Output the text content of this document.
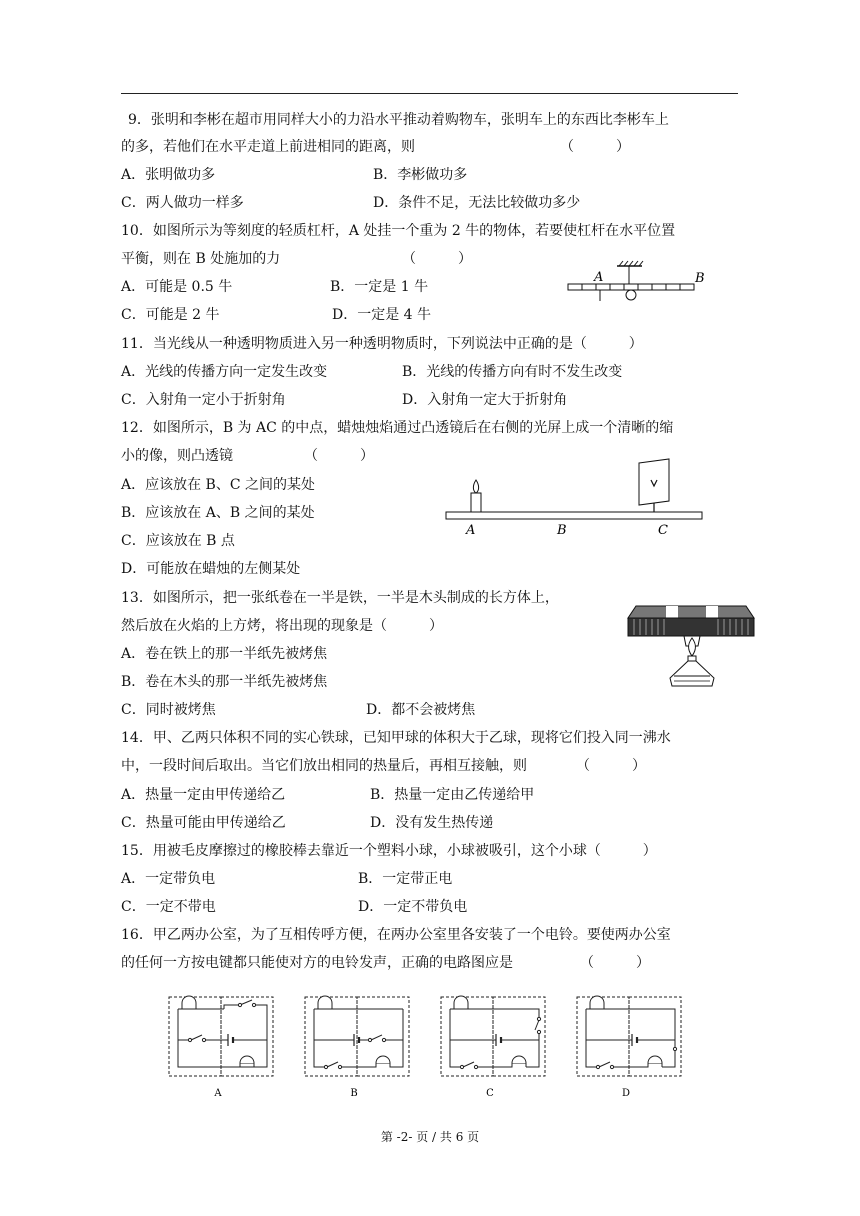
9．张明和李彬在超市用同样大小的力沿水平推动着购物车，张明车上的东西比李彬车上
的多，若他们在水平走道上前进相同的距离，则	（　　　）
A．张明做功多	B．李彬做功多
C．两人做功一样多	D．条件不足，无法比较做功多少
10．如图所示为等刻度的轻质杠杆，A 处挂一个重为 2 牛的物体，若要使杠杆在水平位置
平衡，则在 B 处施加的力	（　　　）
A．可能是 0.5 牛	B．一定是 1 牛
C．可能是 2 牛	D．一定是 4 牛
A	B
11．当光线从一种透明物质进入另一种透明物质时，下列说法中正确的是（　　　）
A．光线的传播方向一定发生改变	B．光线的传播方向有时不发生改变
C．入射角一定小于折射角	D．入射角一定大于折射角
12．如图所示，B 为 AC 的中点，蜡烛烛焰通过凸透镜后在右侧的光屏上成一个清晰的缩
小的像，则凸透镜	（　　　）
A．应该放在 B、C 之间的某处
B．应该放在 A、B 之间的某处
C．应该放在 B 点
D．可能放在蜡烛的左侧某处
A	B	C
13．如图所示，把一张纸卷在一半是铁，一半是木头制成的长方体上，
然后放在火焰的上方烤，将出现的现象是（　　　）
A．卷在铁上的那一半纸先被烤焦
B．卷在木头的那一半纸先被烤焦
C．同时被烤焦	D．都不会被烤焦
14．甲、乙两只体积不同的实心铁球，已知甲球的体积大于乙球，现将它们投入同一沸水
中，一段时间后取出。当它们放出相同的热量后，再相互接触，则	（　　　）
A．热量一定由甲传递给乙	B．热量一定由乙传递给甲
C．热量可能由甲传递给乙	D．没有发生热传递
15．用被毛皮摩擦过的橡胶棒去靠近一个塑料小球，小球被吸引，这个小球（　　　）
A．一定带负电	B．一定带正电
C．一定不带电	D．一定不带负电
16．甲乙两办公室，为了互相传呼方便，在两办公室里各安装了一个电铃。要使两办公室
的任何一方按电键都只能使对方的电铃发声，正确的电路图应是	（　　　）
A	B	C	D
第 -2- 页 / 共 6 页
